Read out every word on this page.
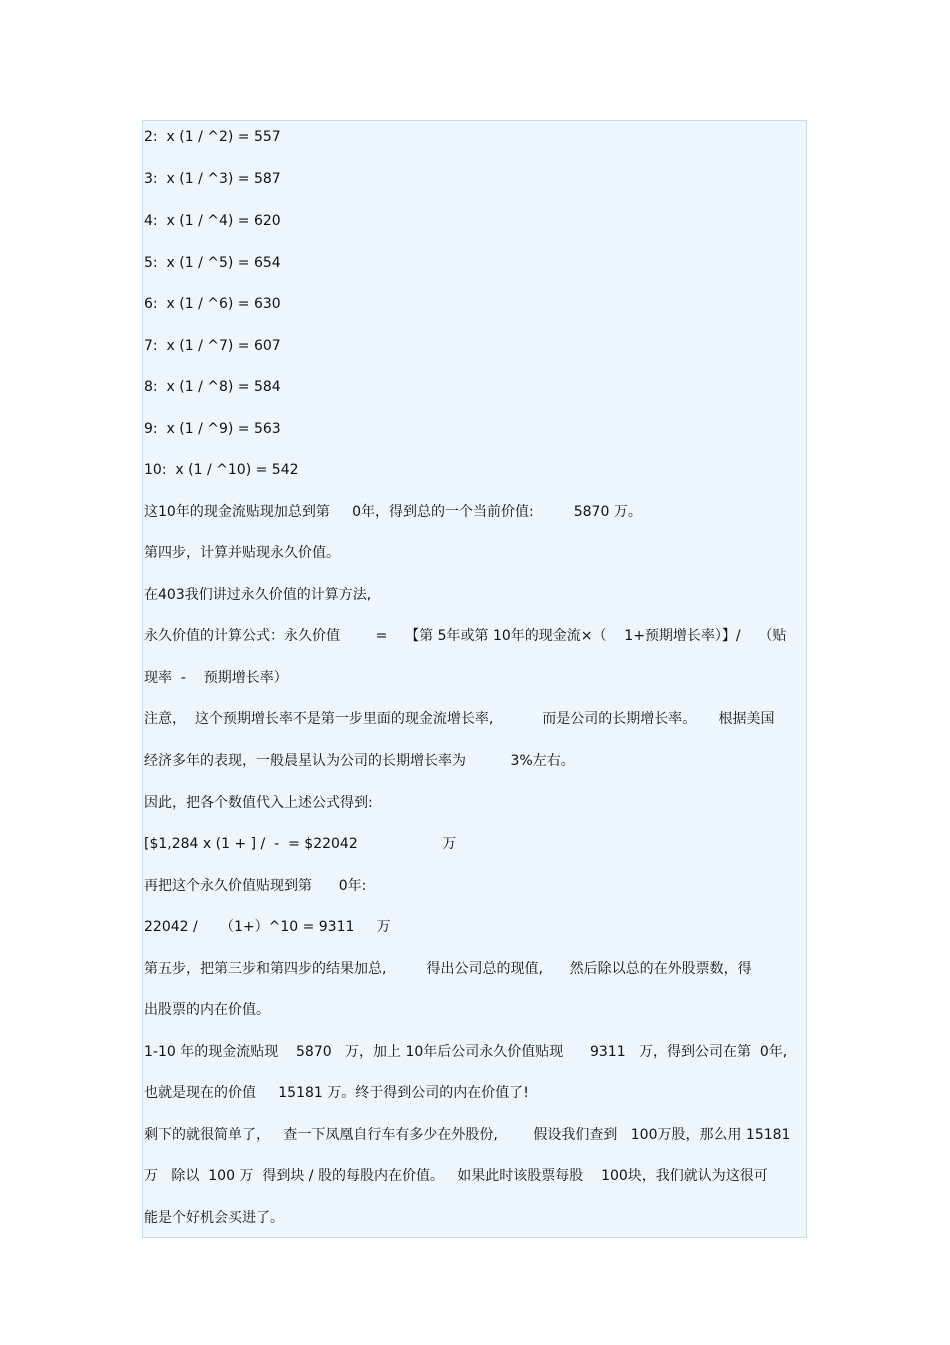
2:  x (1 / ^2) = 557
3:  x (1 / ^3) = 587
4:  x (1 / ^4) = 620
5:  x (1 / ^5) = 654
6:  x (1 / ^6) = 630
7:  x (1 / ^7) = 607
8:  x (1 / ^8) = 584
9:  x (1 / ^9) = 563
10:  x (1 / ^10) = 542
这10年的现金流贴现加总到第     0年，得到总的一个当前价值:         5870 万。
第四步，计算并贴现永久价值。
在403我们讲过永久价值的计算方法,
永久价值的计算公式：永久价值        =    【第 5年或第 10年的现金流×（    1+预期增长率）】/    （贴
现率  -    预期增长率）
注意，  这个预期增长率不是第一步里面的现金流增长率,           而是公司的长期增长率。     根据美国
经济多年的表现，一般晨星认为公司的长期增长率为          3%左右。
因此，把各个数值代入上述公式得到:
[$1,284 x (1 + ] /  -  = $22042                   万
再把这个永久价值贴现到第      0年:
22042 /     （1+）^10 = 9311     万
第五步，把第三步和第四步的结果加总,         得出公司总的现值,      然后除以总的在外股票数，得
出股票的内在价值。
1-10 年的现金流贴现    5870   万，加上 10年后公司永久价值贴现      9311   万，得到公司在第  0年,
也就是现在的价值     15181 万。终于得到公司的内在价值了!
剩下的就很简单了，   查一下凤凰自行车有多少在外股份,        假设我们查到   100万股，那么用 15181
万   除以  100 万  得到块 / 股的每股内在价值。   如果此时该股票每股    100块，我们就认为这很可
能是个好机会买进了。
